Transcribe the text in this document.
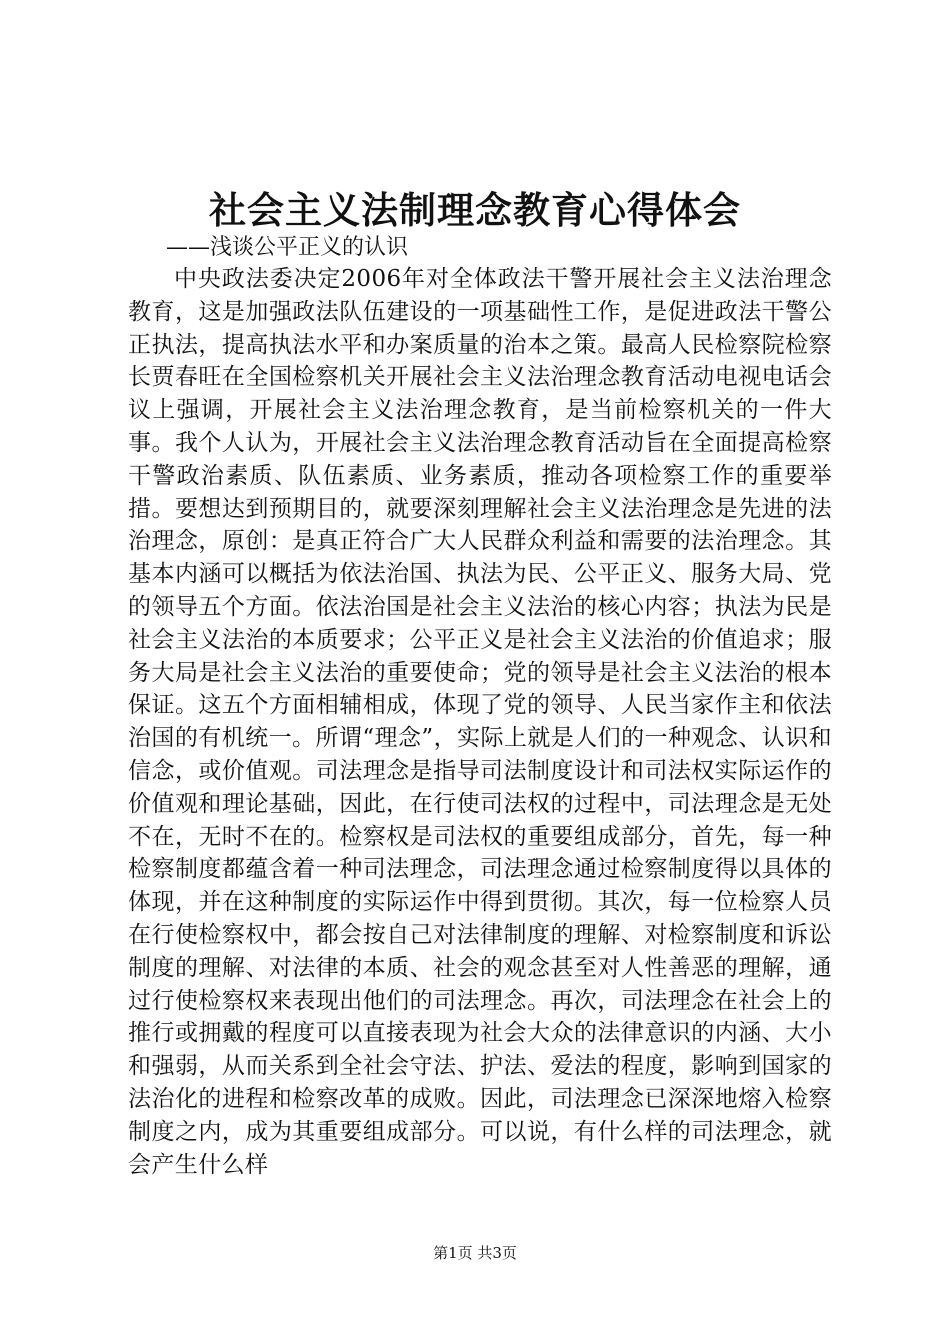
社会主义法制理念教育心得体会

——浅谈公平正义的认识

中央政法委决定2006年对全体政法干警开展社会主义法治理念教育，这是加强政法队伍建设的一项基础性工作，是促进政法干警公正执法，提高执法水平和办案质量的治本之策。最高人民检察院检察长贾春旺在全国检察机关开展社会主义法治理念教育活动电视电话会议上强调，开展社会主义法治理念教育，是当前检察机关的一件大事。我个人认为，开展社会主义法治理念教育活动旨在全面提高检察干警政治素质、队伍素质、业务素质，推动各项检察工作的重要举措。要想达到预期目的，就要深刻理解社会主义法治理念是先进的法治理念，原创：是真正符合广大人民群众利益和需要的法治理念。其基本内涵可以概括为依法治国、执法为民、公平正义、服务大局、党的领导五个方面。依法治国是社会主义法治的核心内容；执法为民是社会主义法治的本质要求；公平正义是社会主义法治的价值追求；服务大局是社会主义法治的重要使命；党的领导是社会主义法治的根本保证。这五个方面相辅相成，体现了党的领导、人民当家作主和依法治国的有机统一。所谓“理念”，实际上就是人们的一种观念、认识和信念，或价值观。司法理念是指导司法制度设计和司法权实际运作的价值观和理论基础，因此，在行使司法权的过程中，司法理念是无处不在，无时不在的。检察权是司法权的重要组成部分，首先，每一种检察制度都蕴含着一种司法理念，司法理念通过检察制度得以具体的体现，并在这种制度的实际运作中得到贯彻。其次，每一位检察人员在行使检察权中，都会按自己对法律制度的理解、对检察制度和诉讼制度的理解、对法律的本质、社会的观念甚至对人性善恶的理解，通过行使检察权来表现出他们的司法理念。再次，司法理念在社会上的推行或拥戴的程度可以直接表现为社会大众的法律意识的内涵、大小和强弱，从而关系到全社会守法、护法、爱法的程度，影响到国家的法治化的进程和检察改革的成败。因此，司法理念已深深地熔入检察制度之内，成为其重要组成部分。可以说，有什么样的司法理念，就会产生什么样

第1页 共3页
